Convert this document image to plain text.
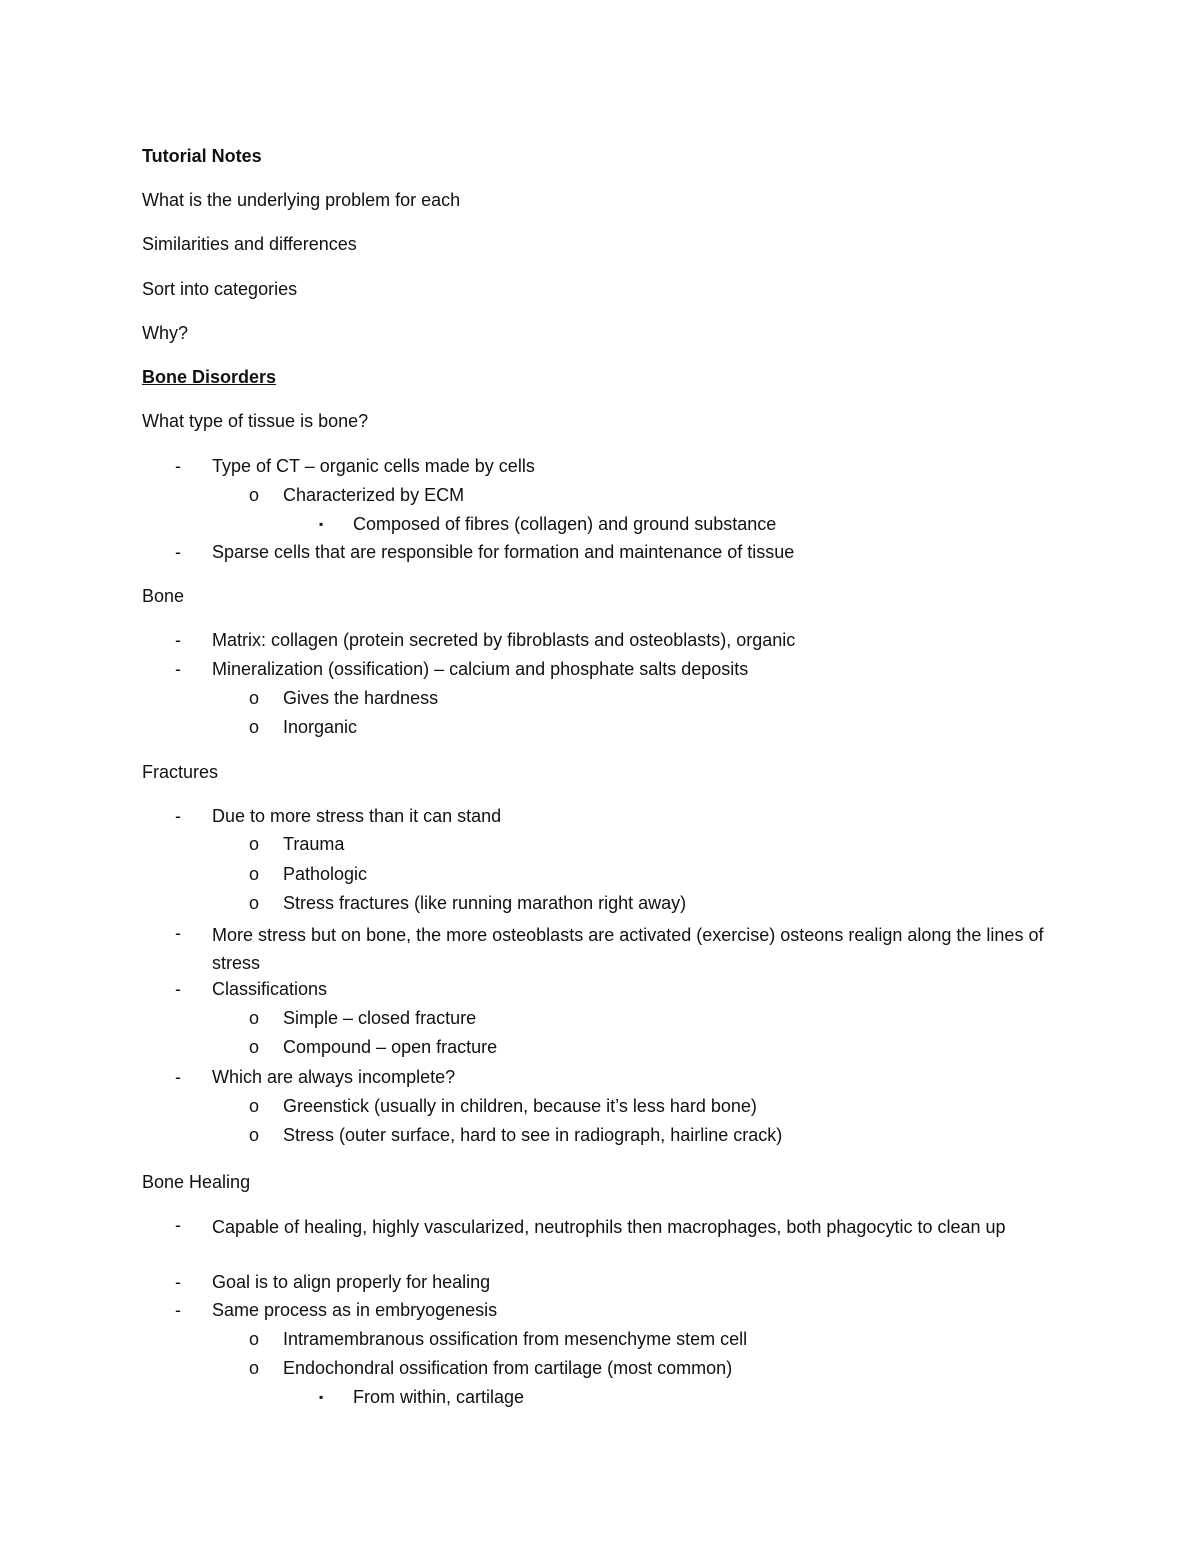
Tutorial Notes
What is the underlying problem for each
Similarities and differences
Sort into categories
Why?
Bone Disorders
What type of tissue is bone?
- Type of CT – organic cells made by cells
o Characterized by ECM
▪ Composed of fibres (collagen) and ground substance
- Sparse cells that are responsible for formation and maintenance of tissue
Bone
- Matrix: collagen (protein secreted by fibroblasts and osteoblasts), organic
- Mineralization (ossification) – calcium and phosphate salts deposits
o Gives the hardness
o Inorganic
Fractures
- Due to more stress than it can stand
o Trauma
o Pathologic
o Stress fractures (like running marathon right away)
- More stress but on bone, the more osteoblasts are activated (exercise) osteons realign along the lines of stress
- Classifications
o Simple – closed fracture
o Compound – open fracture
- Which are always incomplete?
o Greenstick (usually in children, because it’s less hard bone)
o Stress (outer surface, hard to see in radiograph, hairline crack)
Bone Healing
- Capable of healing, highly vascularized, neutrophils then macrophages, both phagocytic to clean up
- Goal is to align properly for healing
- Same process as in embryogenesis
o Intramembranous ossification from mesenchyme stem cell
o Endochondral ossification from cartilage (most common)
▪ From within, cartilage
